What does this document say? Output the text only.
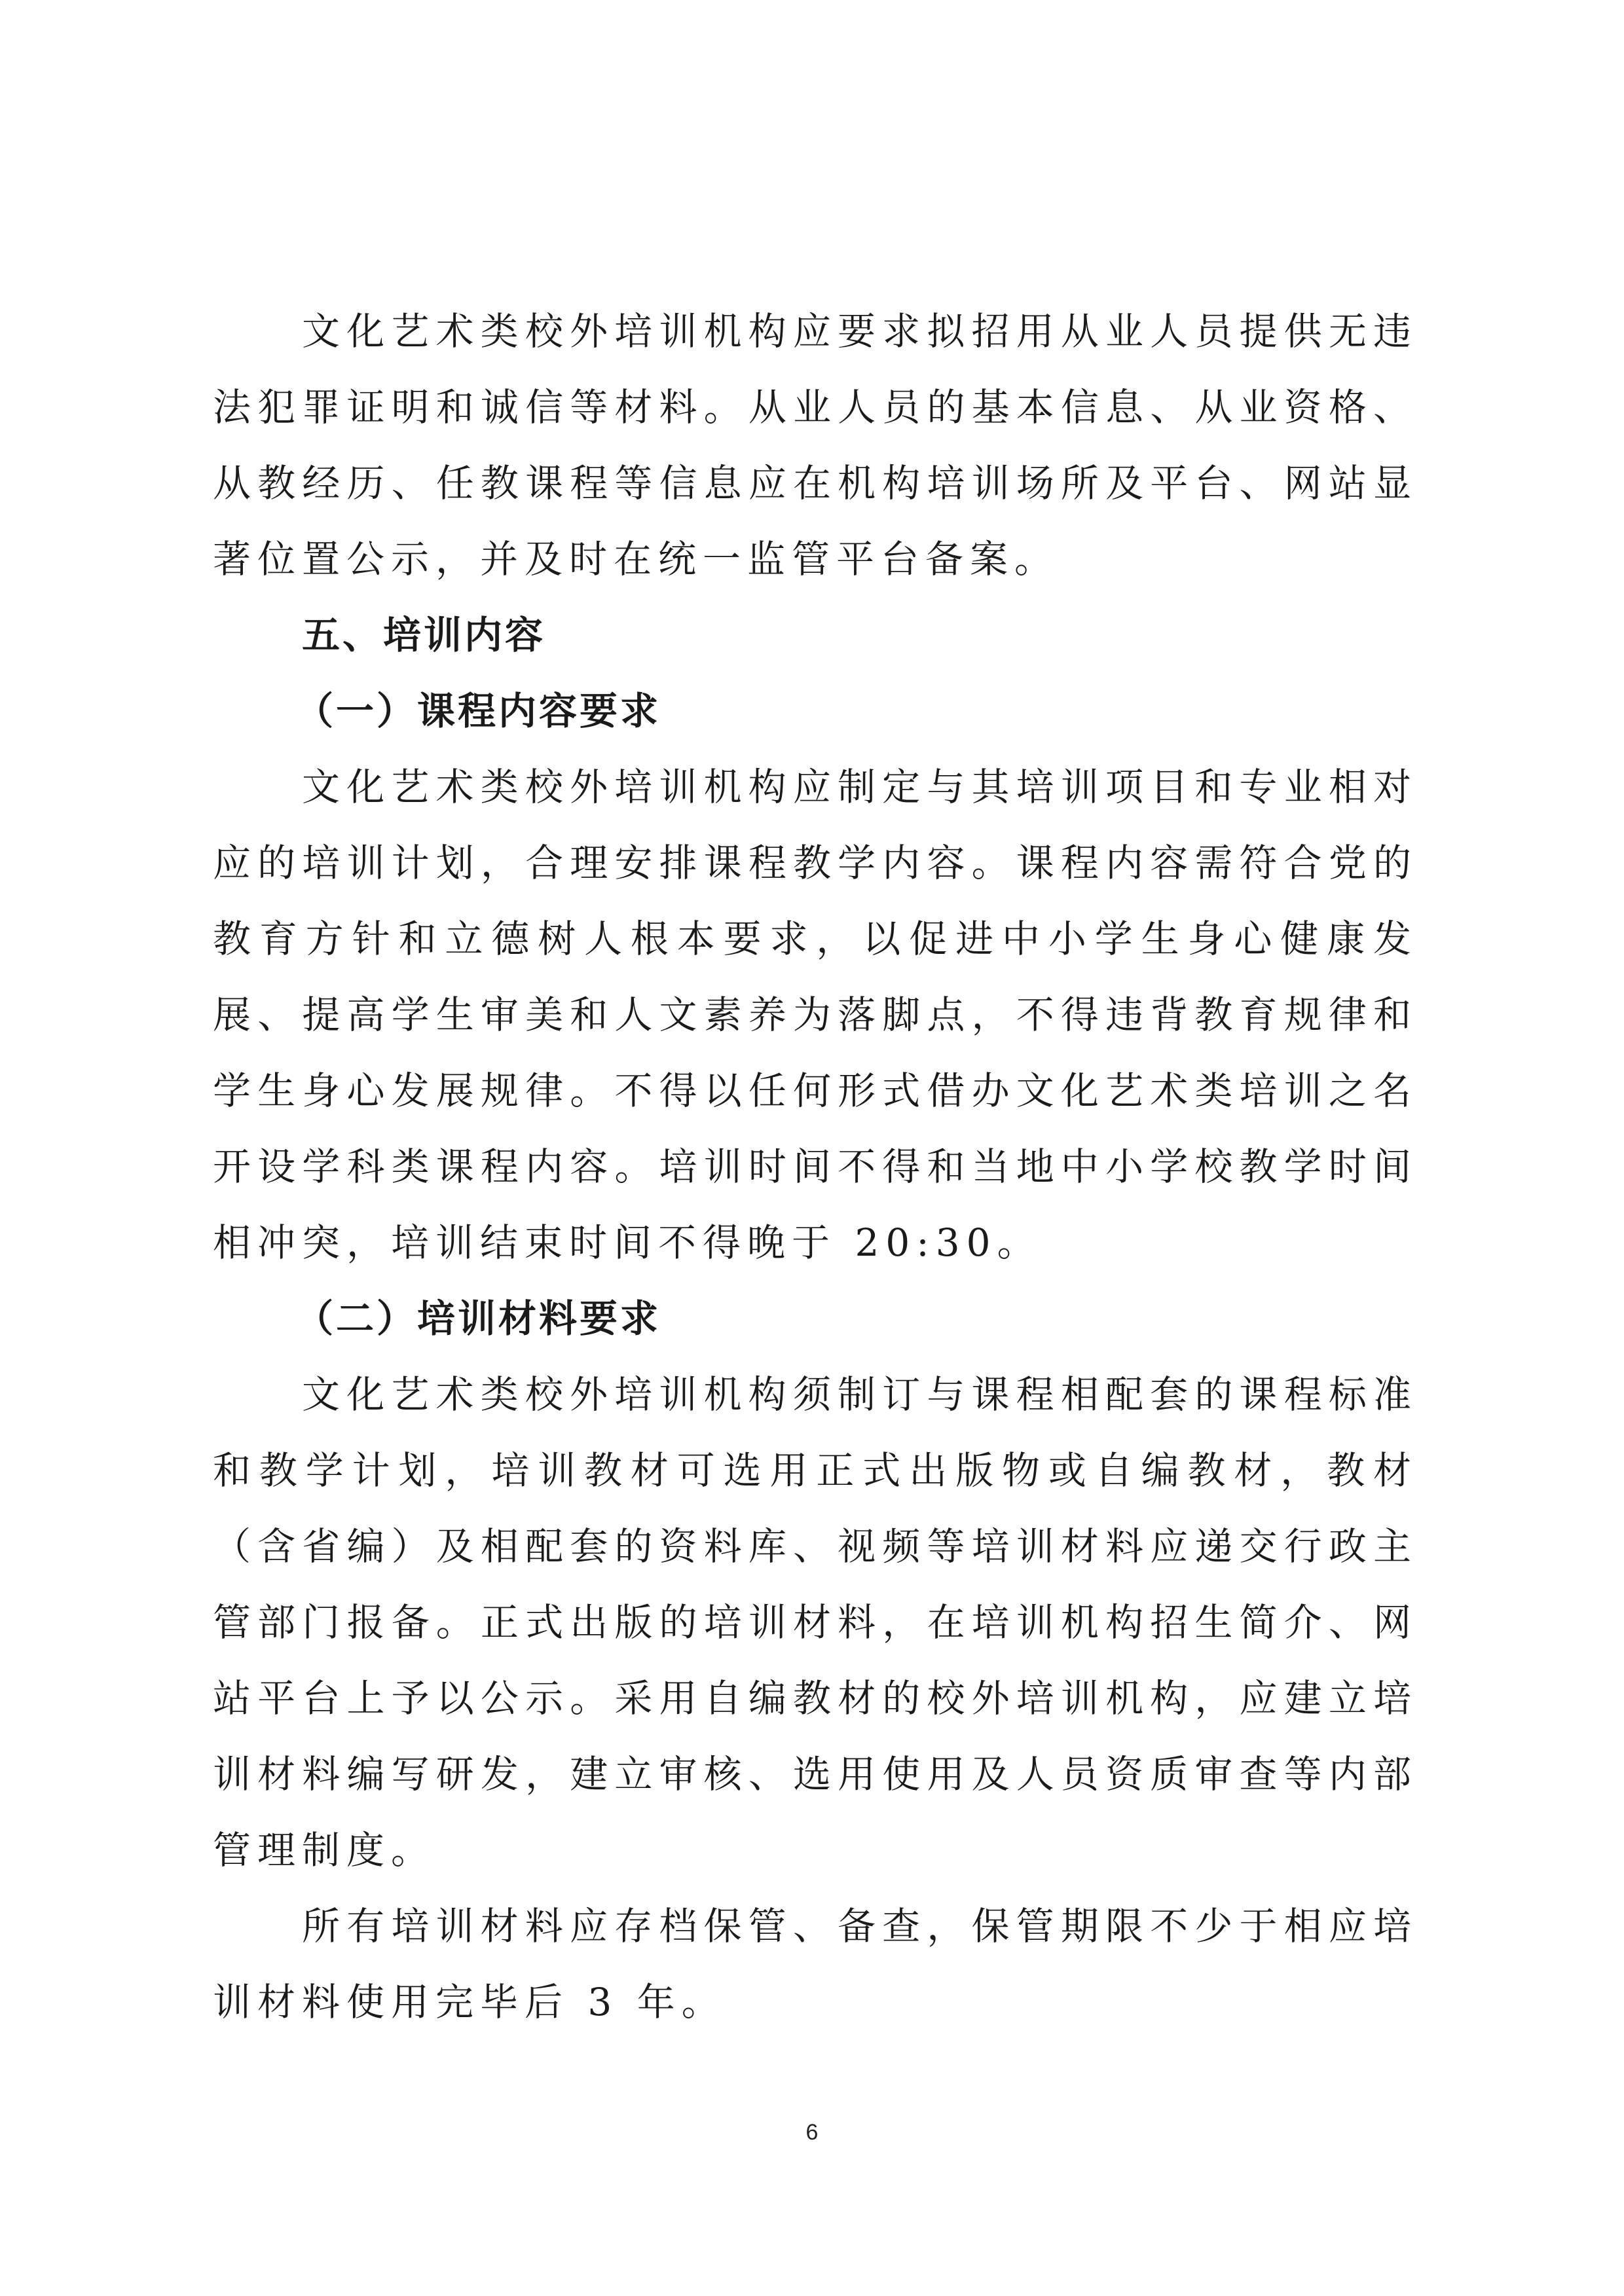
文化艺术类校外培训机构应要求拟招用从业人员提供无违法犯罪证明和诚信等材料。从业人员的基本信息、从业资格、从教经历、任教课程等信息应在机构培训场所及平台、网站显著位置公示，并及时在统一监管平台备案。

五、培训内容

（一）课程内容要求

文化艺术类校外培训机构应制定与其培训项目和专业相对应的培训计划，合理安排课程教学内容。课程内容需符合党的教育方针和立德树人根本要求，以促进中小学生身心健康发展、提高学生审美和人文素养为落脚点，不得违背教育规律和学生身心发展规律。不得以任何形式借办文化艺术类培训之名开设学科类课程内容。培训时间不得和当地中小学校教学时间相冲突，培训结束时间不得晚于 20:30。

（二）培训材料要求

文化艺术类校外培训机构须制订与课程相配套的课程标准和教学计划，培训教材可选用正式出版物或自编教材，教材（含省编）及相配套的资料库、视频等培训材料应递交行政主管部门报备。正式出版的培训材料，在培训机构招生简介、网站平台上予以公示。采用自编教材的校外培训机构，应建立培训材料编写研发，建立审核、选用使用及人员资质审查等内部管理制度。

所有培训材料应存档保管、备查，保管期限不少于相应培训材料使用完毕后 3 年。

6
